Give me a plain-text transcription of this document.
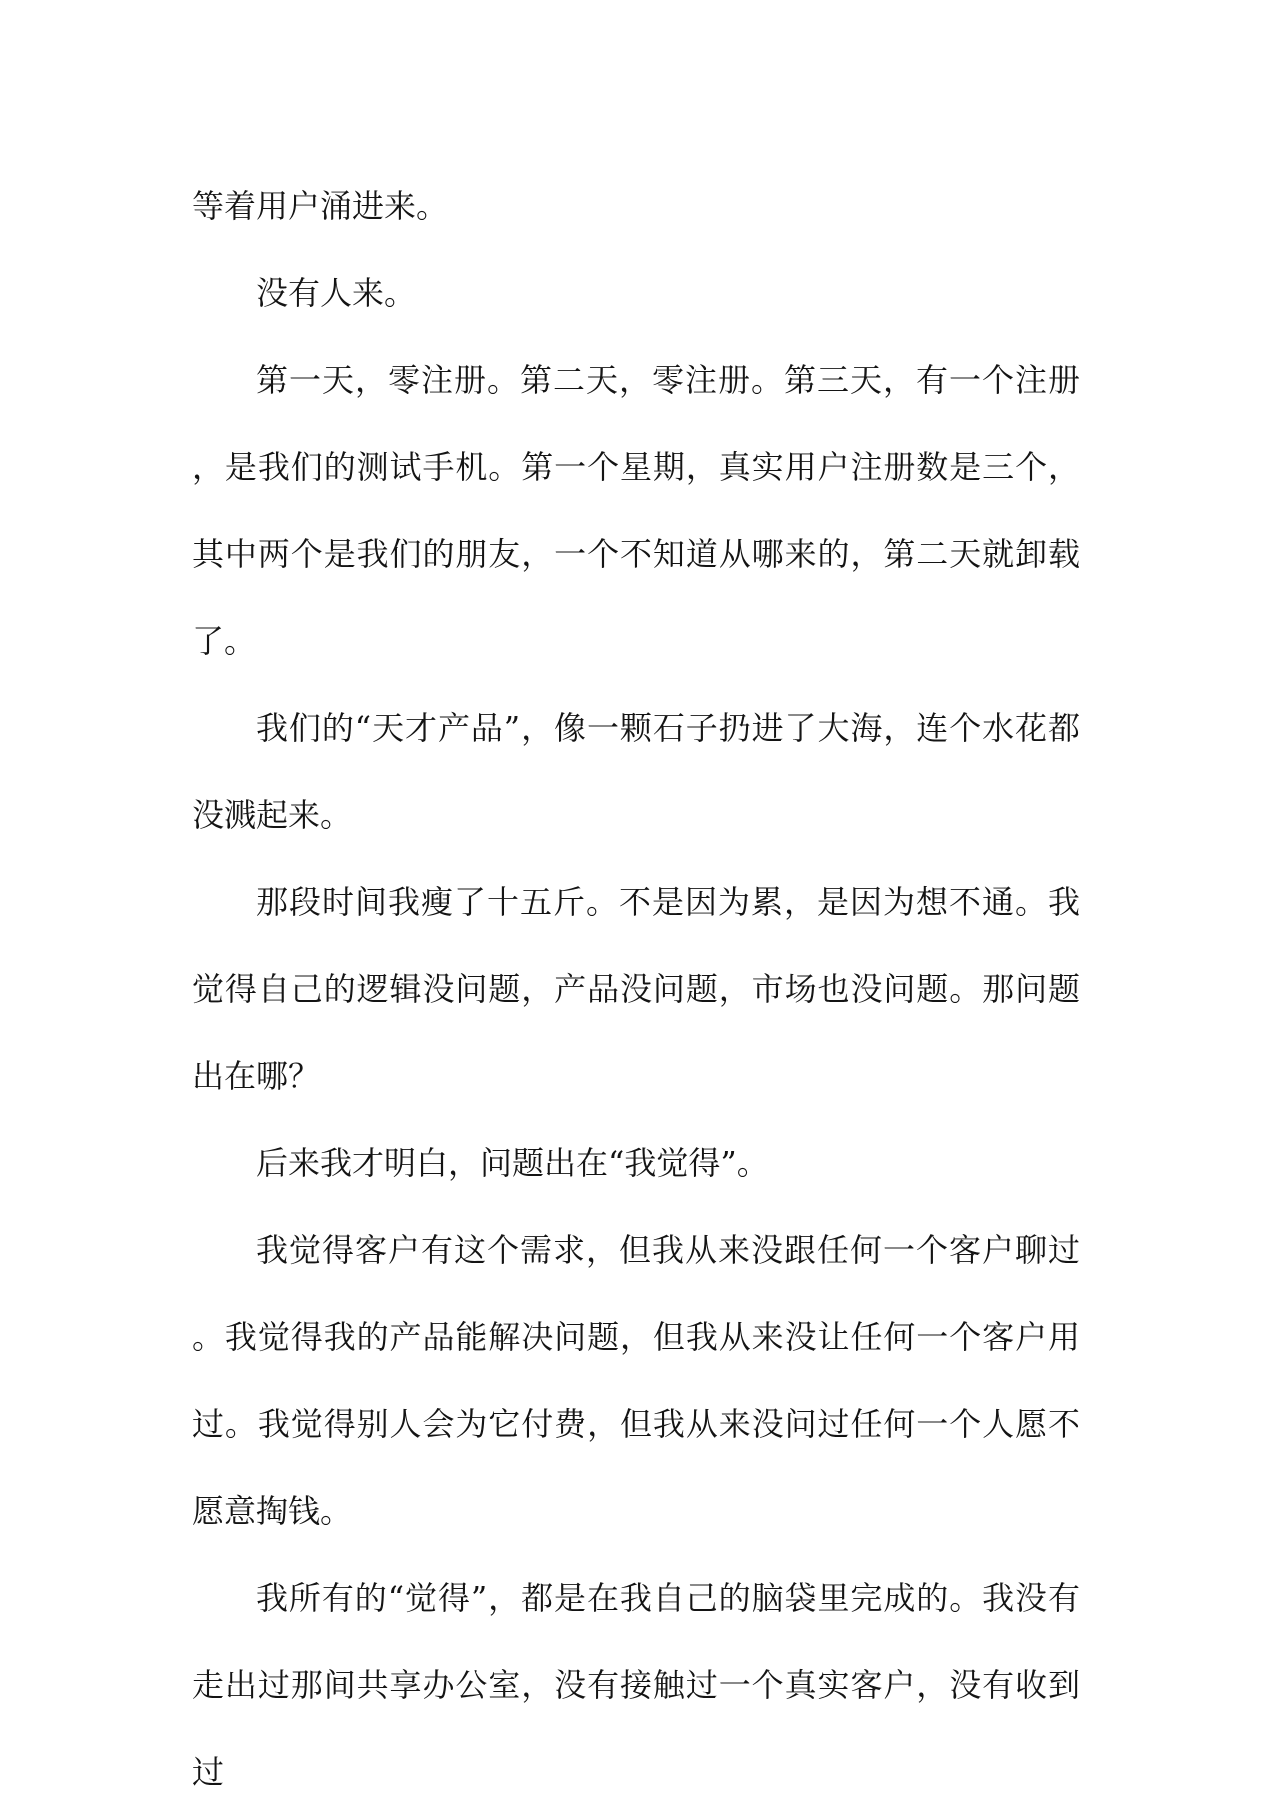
等着用户涌进来。

没有人来。

第一天，零注册。第二天，零注册。第三天，有一个注册，是我们的测试手机。第一个星期，真实用户注册数是三个，其中两个是我们的朋友，一个不知道从哪来的，第二天就卸载了。

我们的“天才产品”，像一颗石子扔进了大海，连个水花都没溅起来。

那段时间我瘦了十五斤。不是因为累，是因为想不通。我觉得自己的逻辑没问题，产品没问题，市场也没问题。那问题出在哪？

后来我才明白，问题出在“我觉得”。

我觉得客户有这个需求，但我从来没跟任何一个客户聊过。我觉得我的产品能解决问题，但我从来没让任何一个客户用过。我觉得别人会为它付费，但我从来没问过任何一个人愿不愿意掏钱。

我所有的“觉得”，都是在我自己的脑袋里完成的。我没有走出过那间共享办公室，没有接触过一个真实客户，没有收到过
